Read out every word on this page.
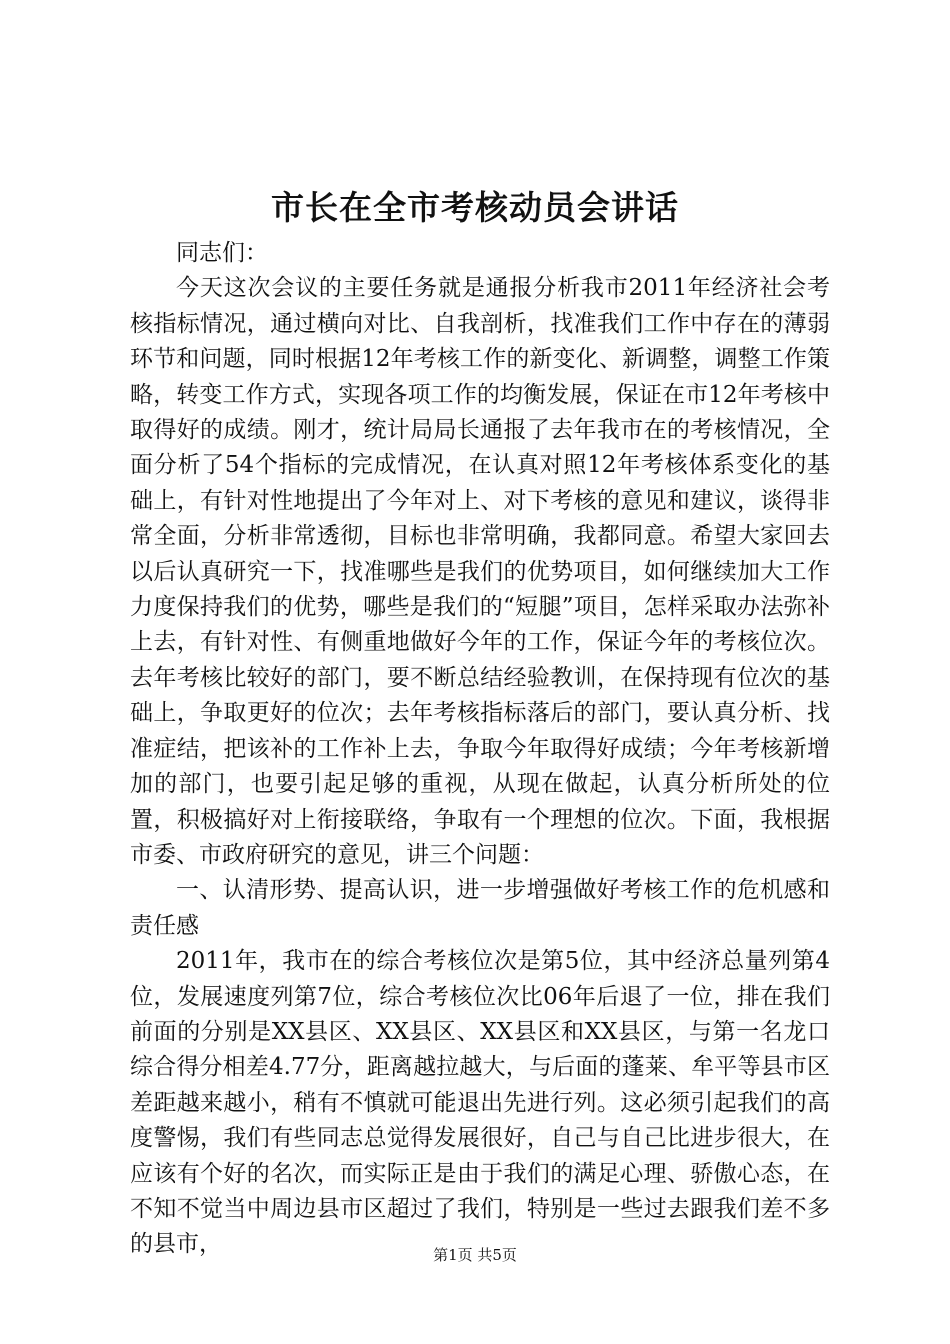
市长在全市考核动员会讲话

同志们：

今天这次会议的主要任务就是通报分析我市2011年经济社会考核指标情况，通过横向对比、自我剖析，找准我们工作中存在的薄弱环节和问题，同时根据12年考核工作的新变化、新调整，调整工作策略，转变工作方式，实现各项工作的均衡发展，保证在市12年考核中取得好的成绩。刚才，统计局局长通报了去年我市在的考核情况，全面分析了54个指标的完成情况，在认真对照12年考核体系变化的基础上，有针对性地提出了今年对上、对下考核的意见和建议，谈得非常全面，分析非常透彻，目标也非常明确，我都同意。希望大家回去以后认真研究一下，找准哪些是我们的优势项目，如何继续加大工作力度保持我们的优势，哪些是我们的“短腿”项目，怎样采取办法弥补上去，有针对性、有侧重地做好今年的工作，保证今年的考核位次。去年考核比较好的部门，要不断总结经验教训，在保持现有位次的基础上，争取更好的位次；去年考核指标落后的部门，要认真分析、找准症结，把该补的工作补上去，争取今年取得好成绩；今年考核新增加的部门，也要引起足够的重视，从现在做起，认真分析所处的位置，积极搞好对上衔接联络，争取有一个理想的位次。下面，我根据市委、市政府研究的意见，讲三个问题：

一、认清形势、提高认识，进一步增强做好考核工作的危机感和责任感

2011年，我市在的综合考核位次是第5位，其中经济总量列第4位，发展速度列第7位，综合考核位次比06年后退了一位，排在我们前面的分别是XX县区、XX县区、XX县区和XX县区，与第一名龙口综合得分相差4.77分，距离越拉越大，与后面的蓬莱、牟平等县市区差距越来越小，稍有不慎就可能退出先进行列。这必须引起我们的高度警惕，我们有些同志总觉得发展很好，自己与自己比进步很大，在应该有个好的名次，而实际正是由于我们的满足心理、骄傲心态，在不知不觉当中周边县市区超过了我们，特别是一些过去跟我们差不多的县市，	第1页 共5页
